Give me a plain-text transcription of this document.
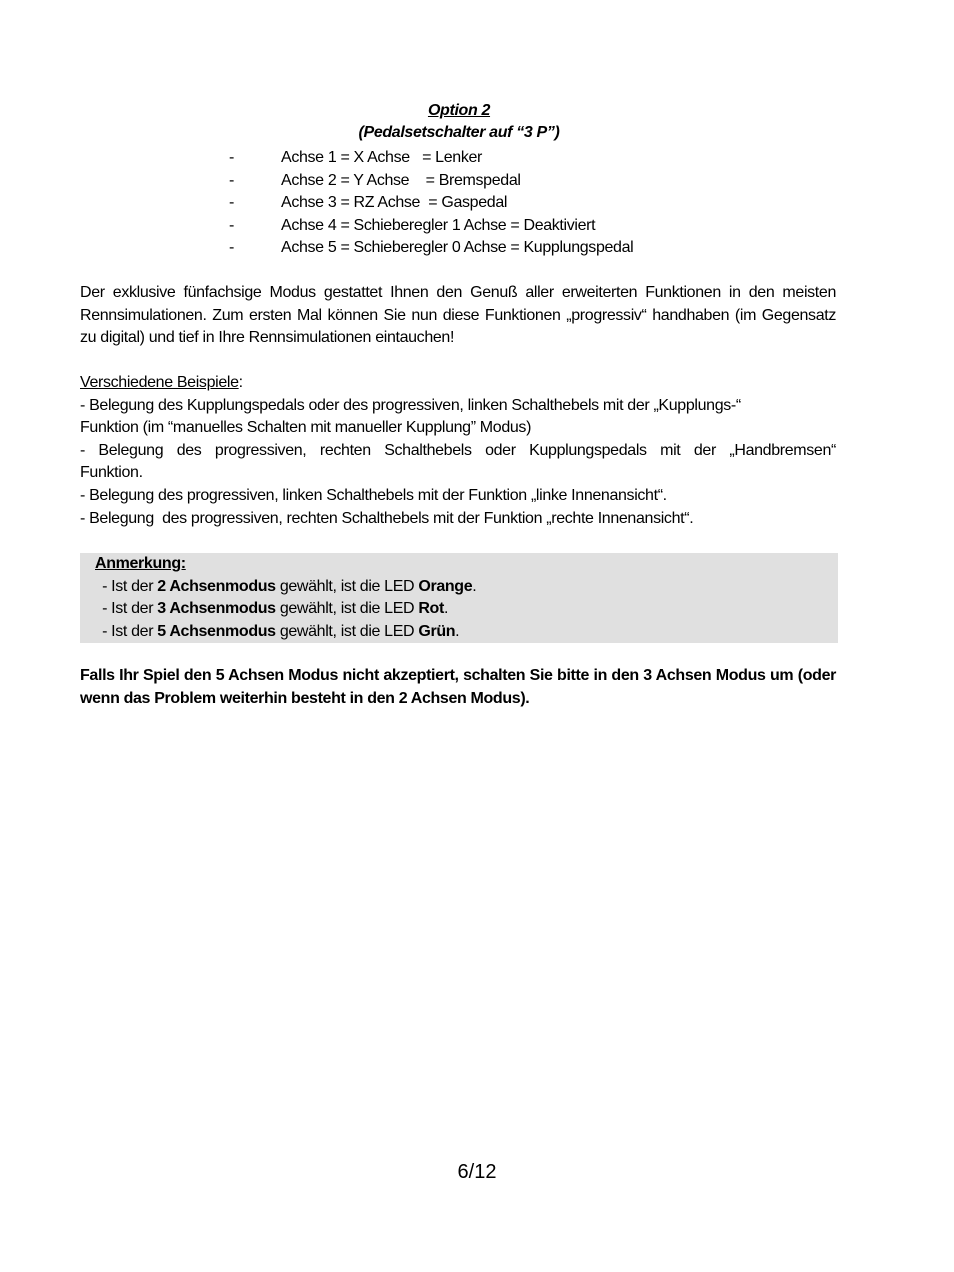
Option 2
(Pedalsetschalter auf “3 P”)

-

	Achse 1 = X Achse   = Lenker

-

	Achse 2 = Y Achse    = Bremspedal

-

	Achse 3 = RZ Achse  = Gaspedal

-

	Achse 4 = Schieberegler 1 Achse = Deaktiviert

-

	Achse 5 = Schieberegler 0 Achse = Kupplungspedal

Der exklusive fünfachsige Modus gestattet Ihnen den Genuß aller erweiterten Funktionen in den meisten Rennsimulationen. Zum ersten Mal können Sie nun diese Funktionen „progressiv“ handhaben (im Gegensatz zu digital) und tief in Ihre Rennsimulationen eintauchen!

Verschiedene Beispiele:
- Belegung des Kupplungspedals oder des progressiven, linken Schalthebels mit der „Kupplungs-“
Funktion (im “manuelles Schalten mit manueller Kupplung” Modus)
- Belegung des progressiven, rechten Schalthebels oder Kupplungspedals mit der „Handbremsen“
Funktion.
- Belegung des progressiven, linken Schalthebels mit der Funktion „linke Innenansicht“.
- Belegung  des progressiven, rechten Schalthebels mit der Funktion „rechte Innenansicht“.
Anmerkung:
- Ist der 2 Achsenmodus gewählt, ist die LED Orange.
- Ist der 3 Achsenmodus gewählt, ist die LED Rot.
- Ist der 5 Achsenmodus gewählt, ist die LED Grün.

Falls Ihr Spiel den 5 Achsen Modus nicht akzeptiert, schalten Sie bitte in den 3 Achsen Modus um (oder wenn das Problem weiterhin besteht in den 2 Achsen Modus).

6/12
